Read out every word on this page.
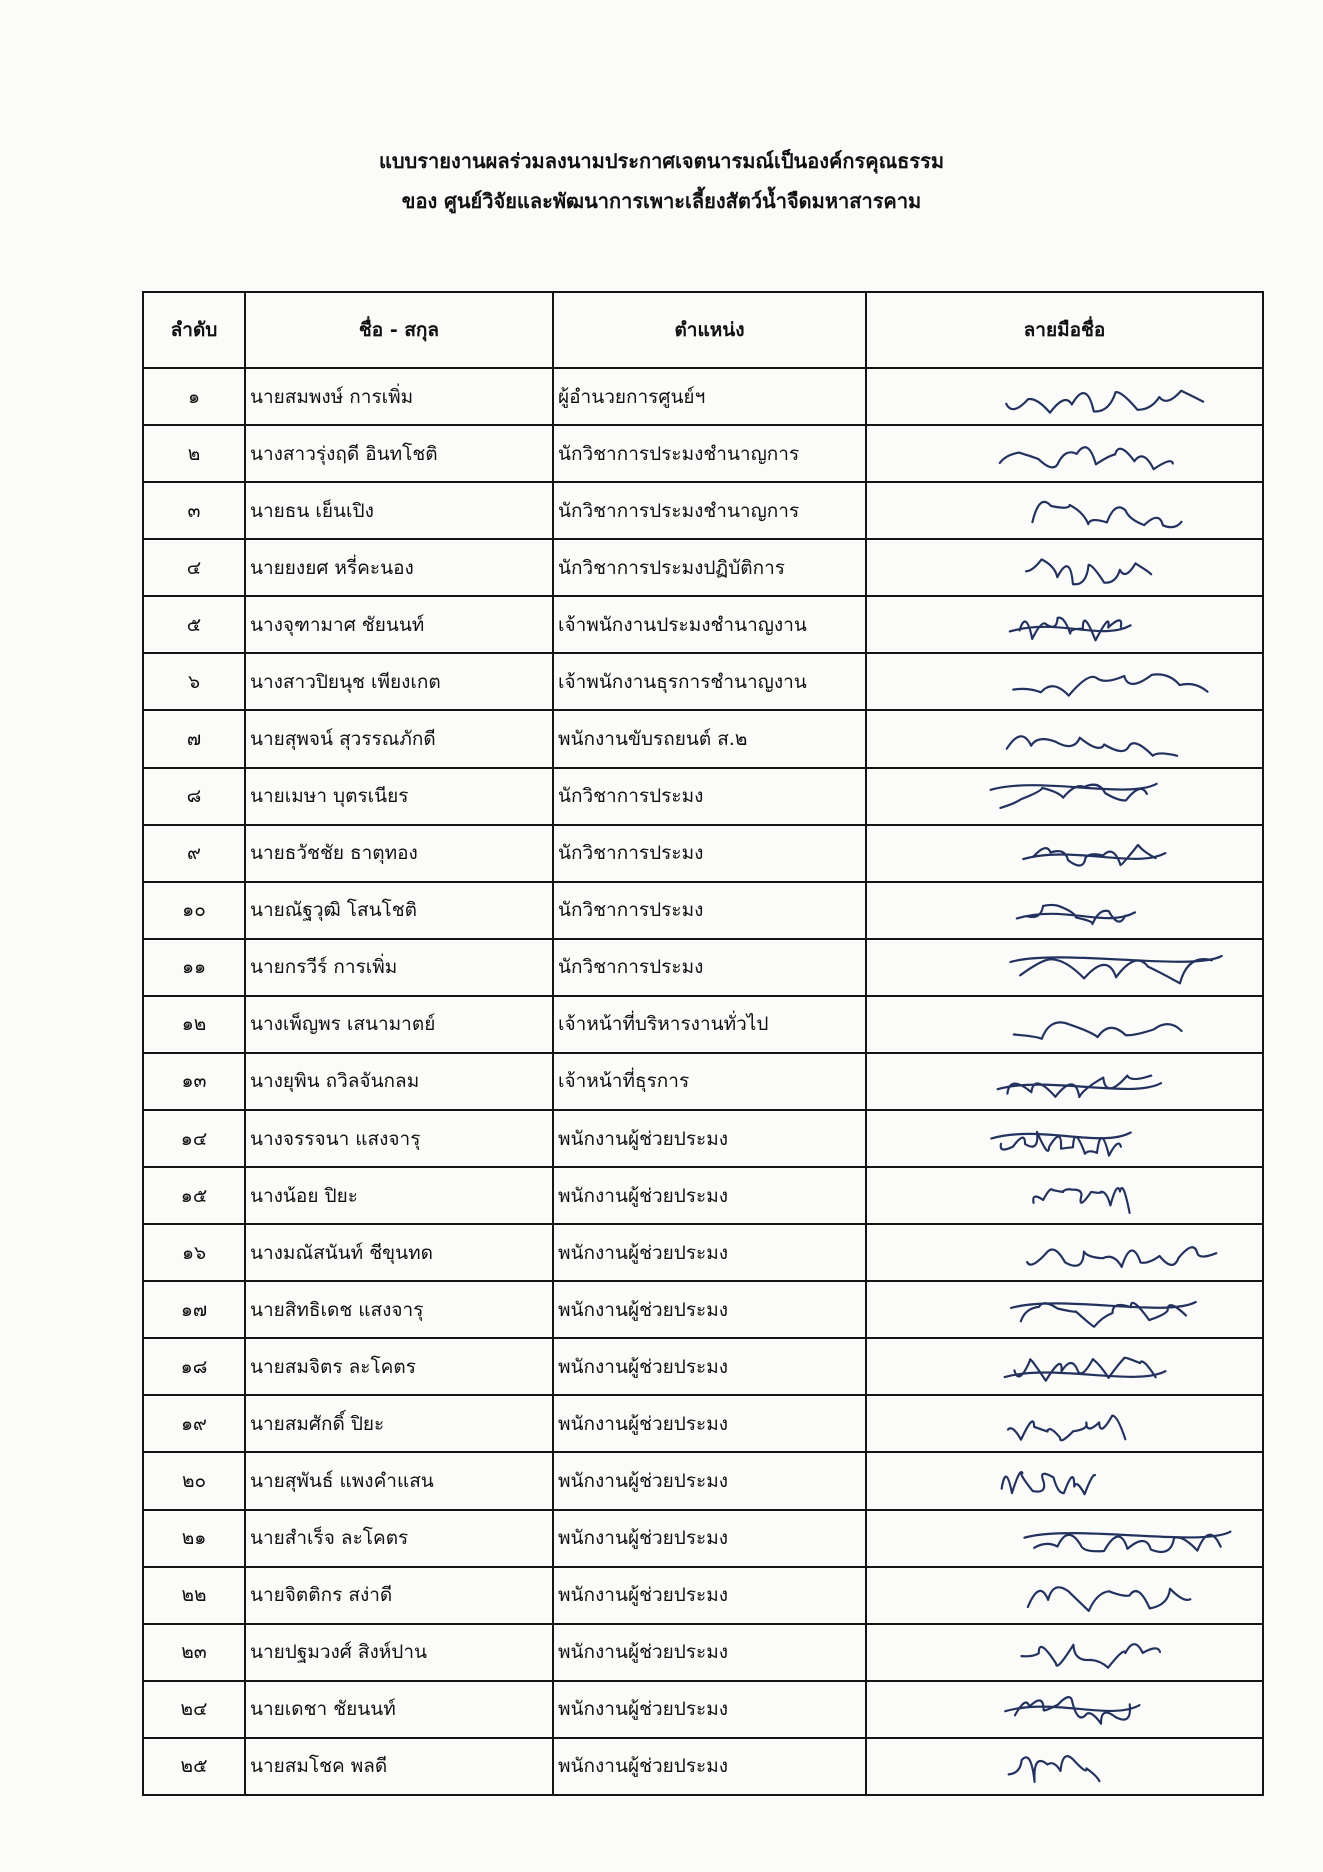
แบบรายงานผลร่วมลงนามประกาศเจตนารมณ์เป็นองค์กรคุณธรรม
ของ ศูนย์วิจัยและพัฒนาการเพาะเลี้ยงสัตว์น้ำจืดมหาสารคาม
ลำดับ	ชื่อ - สกุล	ตำแหน่ง	ลายมือชื่อ
๑	นายสมพงษ์ การเพิ่ม	ผู้อำนวยการศูนย์ฯ	

๒	นางสาวรุ่งฤดี อินทโชติ	นักวิชาการประมงชำนาญการ	

๓	นายธน เย็นเปิง	นักวิชาการประมงชำนาญการ	

๔	นายยงยศ หรี่คะนอง	นักวิชาการประมงปฏิบัติการ	

๕	นางจุฑามาศ ชัยนนท์	เจ้าพนักงานประมงชำนาญงาน	

๖	นางสาวปิยนุช เพียงเกต	เจ้าพนักงานธุรการชำนาญงาน	

๗	นายสุพจน์ สุวรรณภักดี	พนักงานขับรถยนต์ ส.๒	

๘	นายเมษา บุตรเนียร	นักวิชาการประมง	

๙	นายธวัชชัย ธาตุทอง	นักวิชาการประมง	

๑๐	นายณัฐวุฒิ โสนโชติ	นักวิชาการประมง	

๑๑	นายกรวีร์ การเพิ่ม	นักวิชาการประมง	

๑๒	นางเพ็ญพร เสนามาตย์	เจ้าหน้าที่บริหารงานทั่วไป	

๑๓	นางยุพิน ถวิลจันกลม	เจ้าหน้าที่ธุรการ	

๑๔	นางจรรจนา แสงจารุ	พนักงานผู้ช่วยประมง	

๑๕	นางน้อย ปิยะ	พนักงานผู้ช่วยประมง	

๑๖	นางมณัสนันท์ ชีขุนทด	พนักงานผู้ช่วยประมง	

๑๗	นายสิทธิเดช แสงจารุ	พนักงานผู้ช่วยประมง	

๑๘	นายสมจิตร ละโคตร	พนักงานผู้ช่วยประมง	

๑๙	นายสมศักดิ์ ปิยะ	พนักงานผู้ช่วยประมง	

๒๐	นายสุพันธ์ แพงคำแสน	พนักงานผู้ช่วยประมง	

๒๑	นายสำเร็จ ละโคตร	พนักงานผู้ช่วยประมง	

๒๒	นายจิตติกร สง่าดี	พนักงานผู้ช่วยประมง	

๒๓	นายปฐมวงศ์ สิงห์ปาน	พนักงานผู้ช่วยประมง	

๒๔	นายเดชา ชัยนนท์	พนักงานผู้ช่วยประมง	

๒๕	นายสมโชค พลดี	พนักงานผู้ช่วยประมง	
